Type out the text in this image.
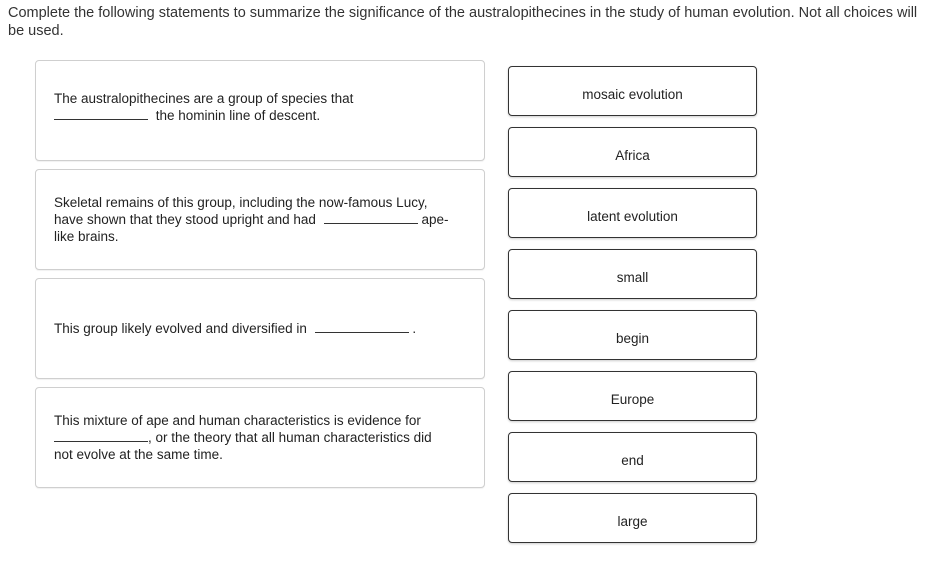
Complete the following statements to summarize the significance of the australopithecines in the study of human evolution. Not all choices will be used.
The australopithecines are a group of species that
the hominin line of descent.
Skeletal remains of this group, including the now-famous Lucy, have shown that they stood upright and had	ape-like brains.
This group likely evolved and diversified in	.
This mixture of ape and human characteristics is evidence for
, or the theory that all human characteristics did not evolve at the same time.
mosaic evolution
Africa
latent evolution
small
begin
Europe
end
large
